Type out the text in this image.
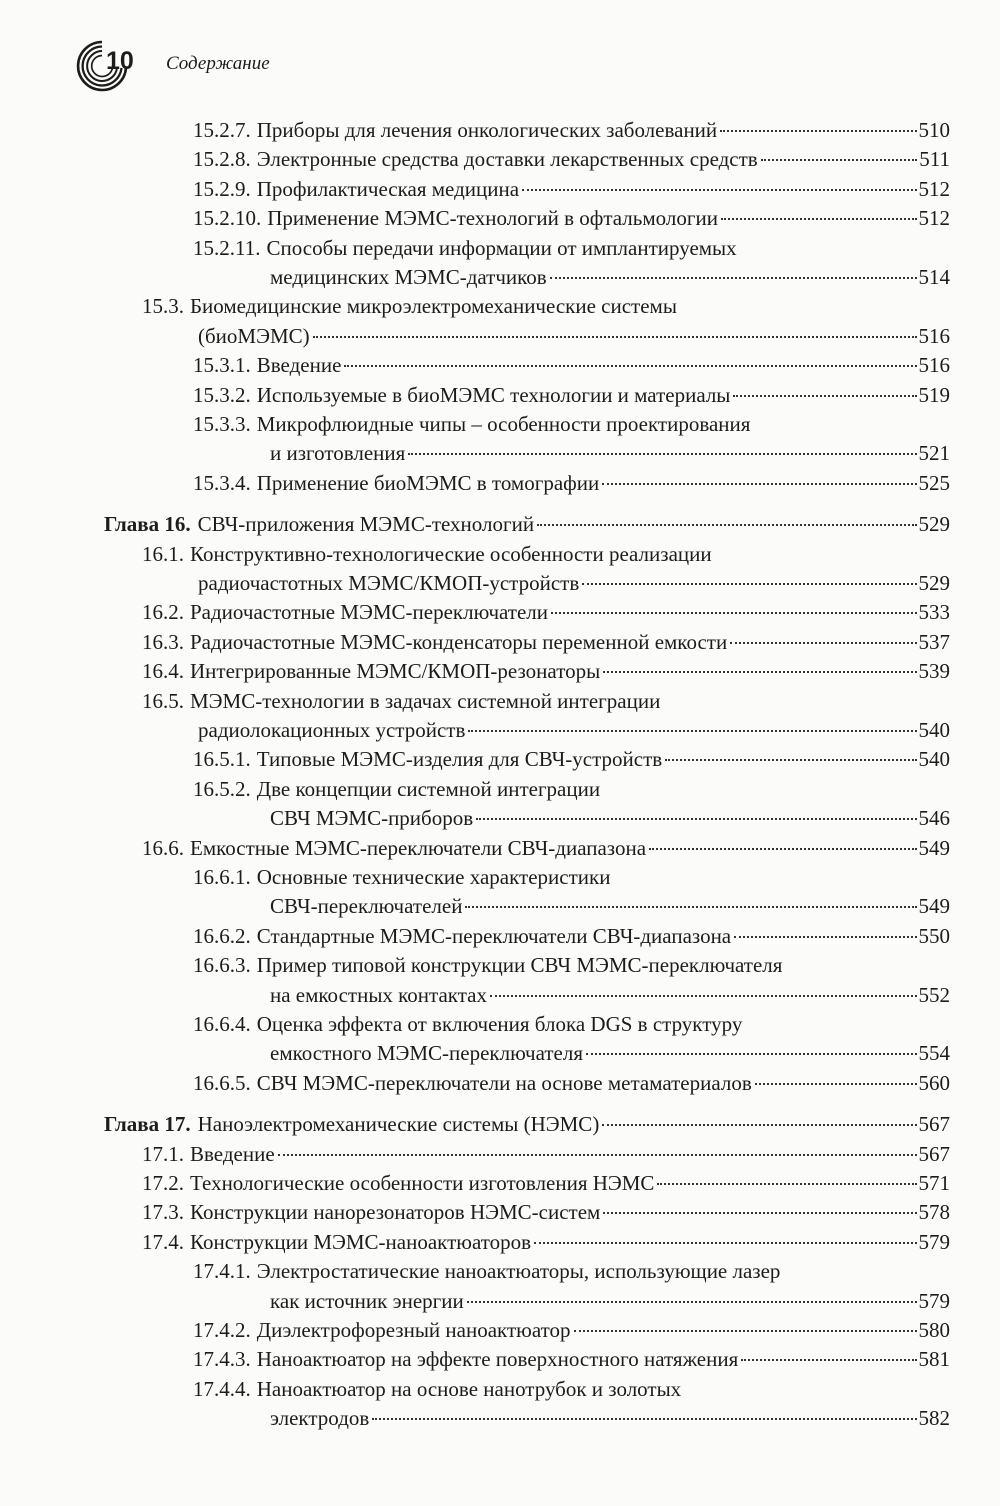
10 Содержание
15.2.7. Приборы для лечения онкологических заболеваний	510
15.2.8. Электронные средства доставки лекарственных средств	511
15.2.9. Профилактическая медицина	512
15.2.10. Применение МЭМС-технологий в офтальмологии	512
15.2.11. Способы передачи информации от имплантируемых
медицинских МЭМС-датчиков	514
15.3. Биомедицинские микроэлектромеханические системы
(биоМЭМС)	516
15.3.1. Введение	516
15.3.2. Используемые в биоМЭМС технологии и материалы	519
15.3.3. Микрофлюидные чипы – особенности проектирования
и изготовления	521
15.3.4. Применение биоМЭМС в томографии	525
Глава 16. СВЧ-приложения МЭМС-технологий	529
16.1. Конструктивно-технологические особенности реализации
радиочастотных МЭМС/КМОП-устройств	529
16.2. Радиочастотные МЭМС-переключатели	533
16.3. Радиочастотные МЭМС-конденсаторы переменной емкости	537
16.4. Интегрированные МЭМС/КМОП-резонаторы	539
16.5. МЭМС-технологии в задачах системной интеграции
радиолокационных устройств	540
16.5.1. Типовые МЭМС-изделия для СВЧ-устройств	540
16.5.2. Две концепции системной интеграции
СВЧ МЭМС-приборов	546
16.6. Емкостные МЭМС-переключатели СВЧ-диапазона	549
16.6.1. Основные технические характеристики
СВЧ-переключателей	549
16.6.2. Стандартные МЭМС-переключатели СВЧ-диапазона	550
16.6.3. Пример типовой конструкции СВЧ МЭМС-переключателя
на емкостных контактах	552
16.6.4. Оценка эффекта от включения блока DGS в структуру
емкостного МЭМС-переключателя	554
16.6.5. СВЧ МЭМС-переключатели на основе метаматериалов	560
Глава 17. Наноэлектромеханические системы (НЭМС)	567
17.1. Введение	567
17.2. Технологические особенности изготовления НЭМС	571
17.3. Конструкции нанорезонаторов НЭМС-систем	578
17.4. Конструкции МЭМС-наноактюаторов	579
17.4.1. Электростатические наноактюаторы, использующие лазер
как источник энергии	579
17.4.2. Диэлектрофорезный наноактюатор	580
17.4.3. Наноактюатор на эффекте поверхностного натяжения	581
17.4.4. Наноактюатор на основе нанотрубок и золотых
электродов	582
